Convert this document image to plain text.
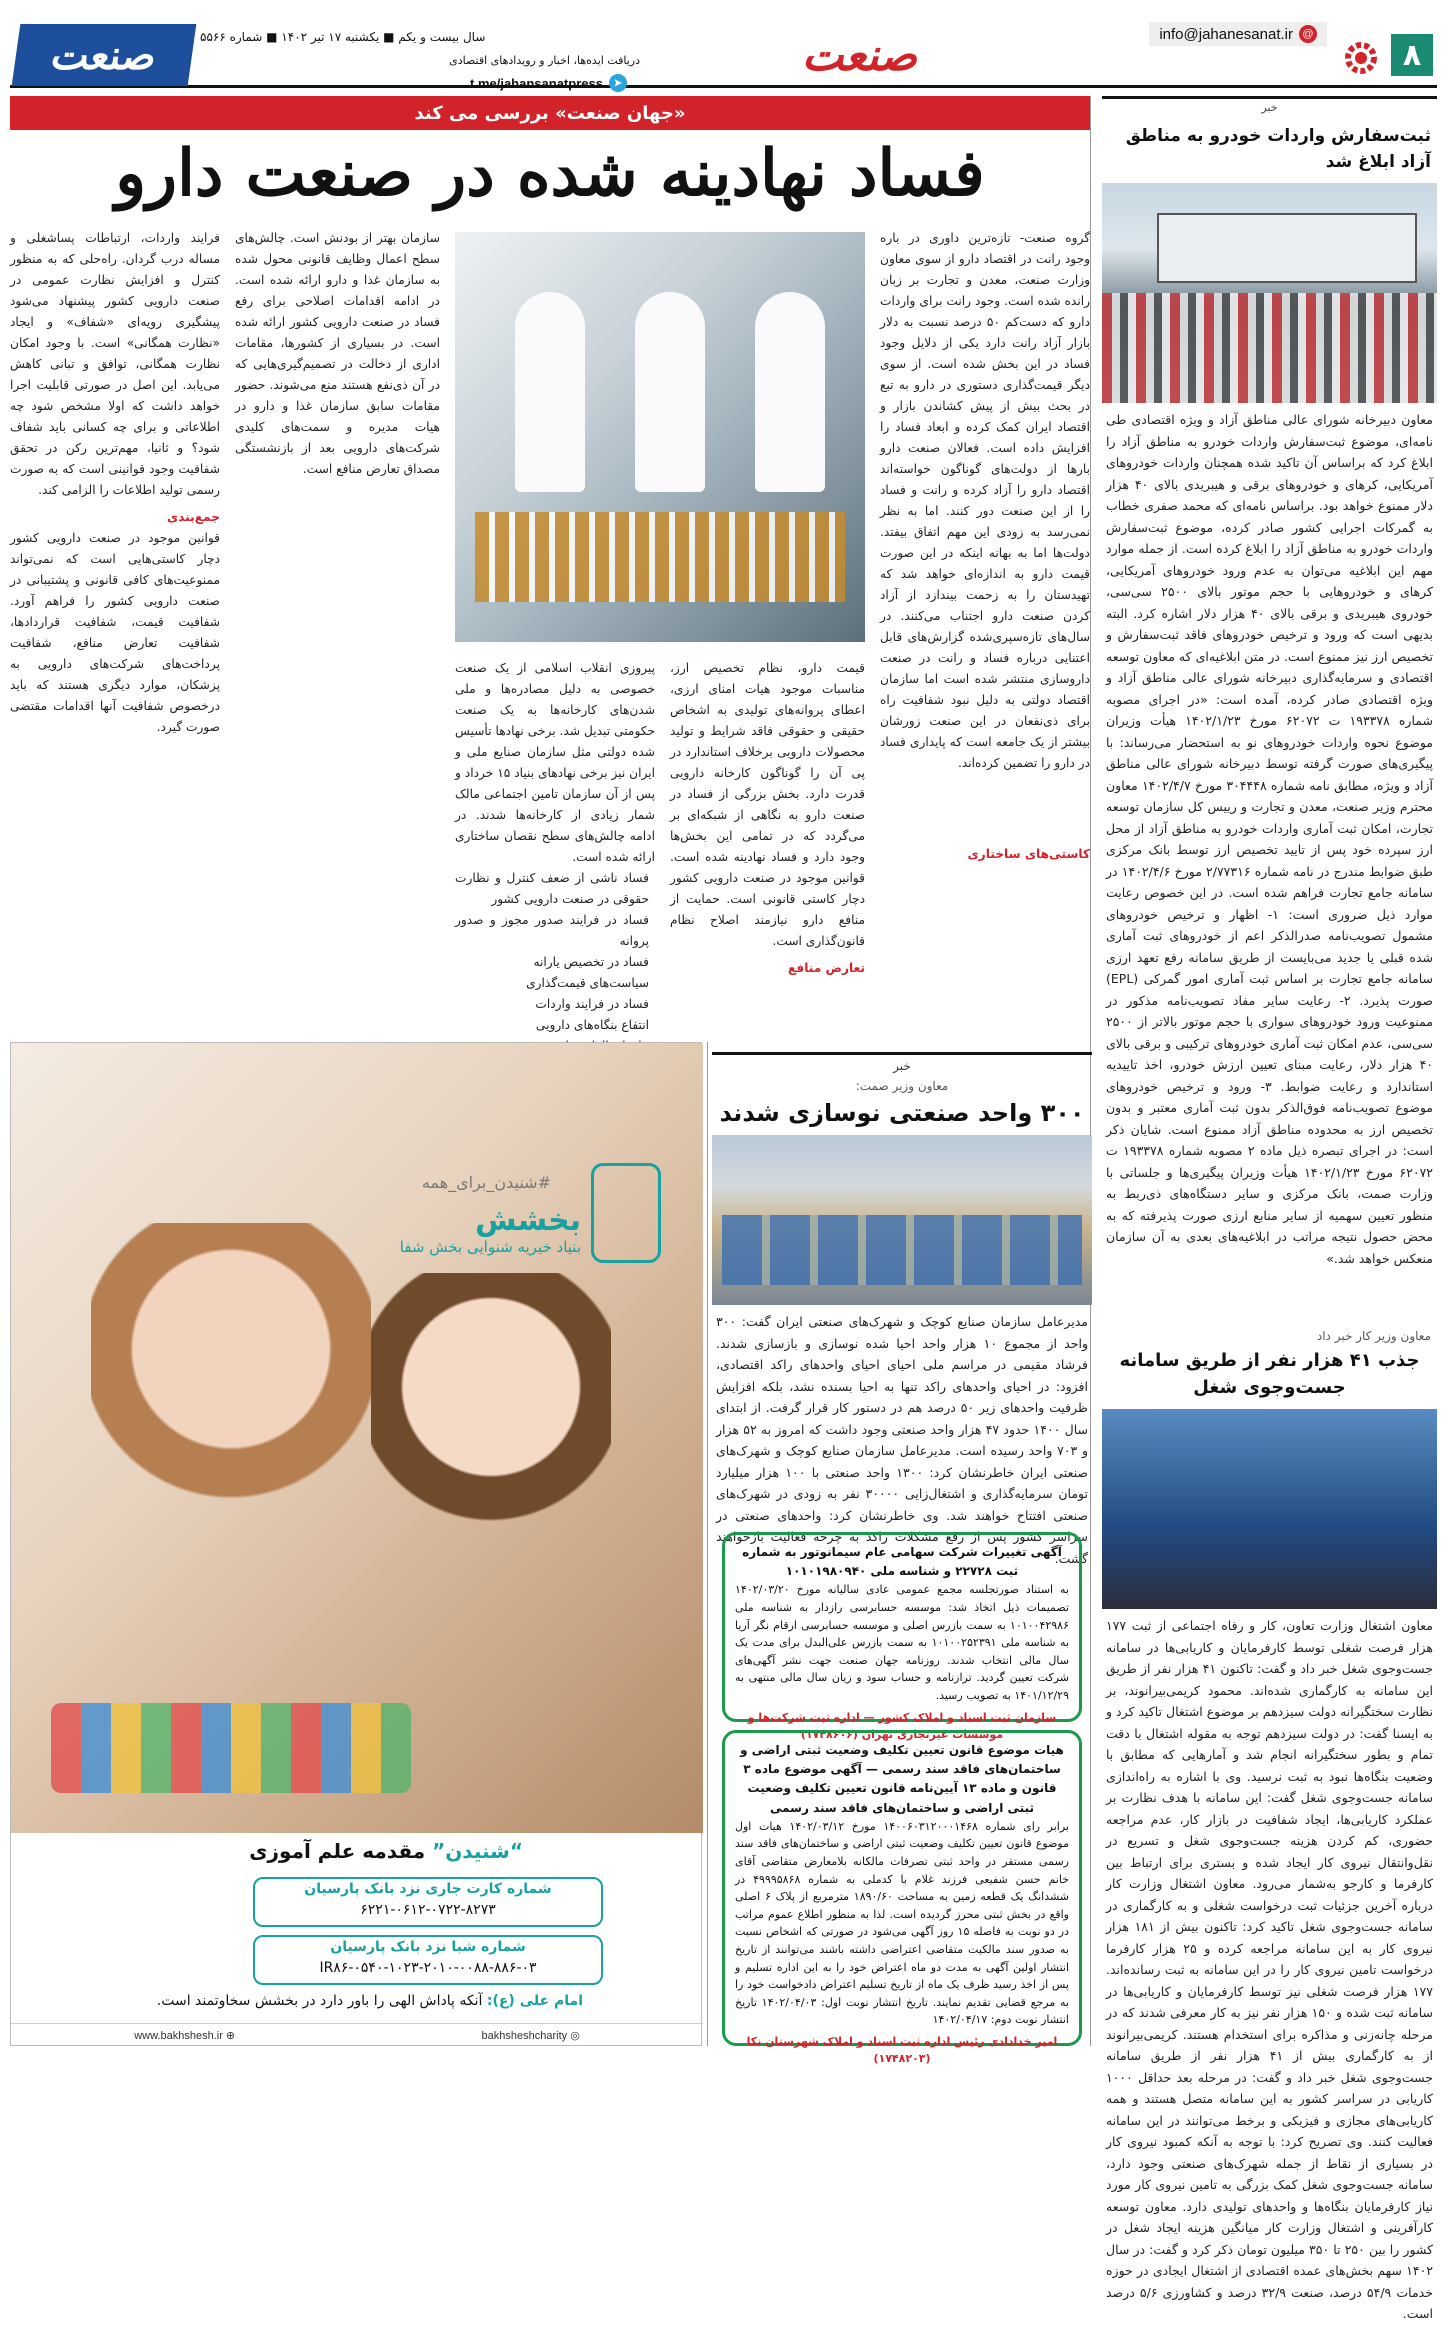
۸
@
info@jahanesanat.ir
صنعت
دریافت ایده‌ها، اخبار و رویدادهای اقتصادی
➤
t.me/jahansanatpress
سال بیست و یکم ■ یکشنبه ۱۷ تیر ۱۴۰۲ ■ شماره ۵۵۶۶
صنعت
خبر
ثبت‌سفارش واردات خودرو به مناطق آزاد ابلاغ شد

معاون دبیرخانه شورای عالی مناطق آزاد و ویژه اقتصادی طی نامه‌ای، موضوع ثبت‌سفارش واردات خودرو به مناطق آزاد را ابلاغ کرد که براساس آن تاکید شده همچنان واردات خودروهای آمریکایی، کرهای و خودروهای برقی و هیبریدی بالای ۴۰ هزار دلار ممنوع خواهد بود. براساس نامه‌ای که محمد صفری خطاب به گمرکات اجرایی کشور صادر کرده، موضوع ثبت‌سفارش واردات خودرو به مناطق آزاد را ابلاغ کرده است. از جمله موارد مهم این ابلاغیه می‌توان به عدم ورود خودروهای آمریکایی، کرهای و خودروهایی با حجم موتور بالای ۲۵۰۰ سی‌سی، خودروی هیبریدی و برقی بالای ۴۰ هزار دلار اشاره کرد. البته بدیهی است که ورود و ترخیص خودروهای فاقد ثبت‌سفارش و تخصیص ارز نیز ممنوع است. در متن ابلاغیه‌ای که معاون توسعه اقتصادی و سرمایه‌گذاری دبیرخانه شورای عالی مناطق آزاد و ویژه اقتصادی صادر کرده، آمده است: «در اجرای مصوبه شماره ۱۹۳۳۷۸ ت ۶۲۰۷۲ مورخ ۱۴۰۲/۱/۲۳ هیأت وزیران موضوع نحوه واردات خودروهای نو به استحضار می‌رساند: با پیگیری‌های صورت گرفته توسط دبیرخانه شورای عالی مناطق آزاد و ویژه، مطابق نامه شماره ۳۰۴۴۴۸ مورخ ۱۴۰۲/۴/۷ معاون محترم وزیر صنعت، معدن و تجارت و رییس کل سازمان توسعه تجارت، امکان ثبت آماری واردات خودرو به مناطق آزاد از محل ارز سپرده خود پس از تایید تخصیص ارز توسط بانک مرکزی طبق ضوابط مندرج در نامه شماره ۲/۷۷۳۱۶ مورخ ۱۴۰۲/۴/۶ در سامانه جامع تجارت فراهم شده است. در این خصوص رعایت موارد ذیل ضروری است: ۱- اظهار و ترخیص خودروهای مشمول تصویب‌نامه صدرالذکر اعم از خودروهای ثبت آماری شده قبلی یا جدید می‌بایست از طریق سامانه رفع تعهد ارزی سامانه جامع تجارت بر اساس ثبت آماری امور گمرکی (EPL) صورت پذیرد. ۲- رعایت سایر مفاد تصویب‌نامه مذکور در ممنوعیت ورود خودروهای سواری با حجم موتور بالاتر از ۲۵۰۰ سی‌سی، عدم امکان ثبت آماری خودروهای ترکیبی و برقی بالای ۴۰ هزار دلار، رعایت مبنای تعیین ارزش خودرو، اخذ تاییدیه استاندارد و رعایت ضوابط. ۳- ورود و ترخیص خودروهای موضوع تصویب‌نامه فوق‌الذکر بدون ثبت آماری معتبر و بدون تخصیص ارز به محدوده مناطق آزاد ممنوع است. شایان ذکر است: در اجرای تبصره ذیل ماده ۲ مصوبه شماره ۱۹۳۳۷۸ ت ۶۲۰۷۲ مورخ ۱۴۰۲/۱/۲۳ هیأت وزیران پیگیری‌ها و جلساتی با وزارت صمت، بانک مرکزی و سایر دستگاه‌های ذی‌ربط به منظور تعیین سهمیه از سایر منابع ارزی صورت پذیرفته که به محض حصول نتیجه مراتب در ابلاغیه‌های بعدی به آن سازمان منعکس خواهد شد.»

معاون وزیر کار خبر داد
جذب ۴۱ هزار نفر از طریق سامانه جست‌وجوی شغل

معاون اشتغال وزارت تعاون، کار و رفاه اجتماعی از ثبت ۱۷۷ هزار فرصت شغلی توسط کارفرمایان و کاریابی‌ها در سامانه جست‌وجوی شغل خبر داد و گفت: تاکنون ۴۱ هزار نفر از طریق این سامانه به کارگماری شده‌اند. محمود کریمی‌بیرانوند، بر نظارت سختگیرانه دولت سیزدهم بر موضوع اشتغال تاکید کرد و به ایسنا گفت: در دولت سیزدهم توجه به مقوله اشتغال با دقت تمام و بطور سختگیرانه انجام شد و آمارهایی که مطابق با وضعیت بنگاه‌ها نبود به ثبت نرسید. وی با اشاره به راه‌اندازی سامانه جست‌وجوی شغل گفت: این سامانه با هدف نظارت بر عملکرد کاریابی‌ها، ایجاد شفافیت در بازار کار، عدم مراجعه حضوری، کم کردن هزینه جست‌وجوی شغل و تسریع در نقل‌وانتقال نیروی کار ایجاد شده و بستری برای ارتباط بین کارفرما و کارجو به‌شمار می‌رود. معاون اشتغال وزارت کار درباره آخرین جزئیات ثبت درخواست شغلی و به کارگماری در سامانه جست‌وجوی شغل تاکید کرد: تاکنون بیش از ۱۸۱ هزار نیروی کار به این سامانه مراجعه کرده و ۲۵ هزار کارفرما درخواست تامین نیروی کار را در این سامانه به ثبت رسانده‌اند. ۱۷۷ هزار فرصت شغلی نیز توسط کارفرمایان و کاریابی‌ها در سامانه ثبت شده و ۱۵۰ هزار نفر نیز به کار معرفی شدند که در مرحله چانه‌زنی و مذاکره برای استخدام هستند. کریمی‌بیرانوند از به کارگماری بیش از ۴۱ هزار نفر از طریق سامانه جست‌وجوی شغل خبر داد و گفت: در مرحله بعد حداقل ۱۰۰۰ کاریابی در سراسر کشور به این سامانه متصل هستند و همه کاریابی‌های مجازی و فیزیکی و برخط می‌توانند در این سامانه فعالیت کنند. وی تصریح کرد: با توجه به آنکه کمبود نیروی کار در بسیاری از نقاط از جمله شهرک‌های صنعتی وجود دارد، سامانه جست‌وجوی شغل کمک بزرگی به تامین نیروی کار مورد نیاز کارفرمایان بنگاه‌ها و واحدهای تولیدی دارد. معاون توسعه کارآفرینی و اشتغال وزارت کار میانگین هزینه ایجاد شغل در کشور را بین ۲۵۰ تا ۳۵۰ میلیون تومان ذکر کرد و گفت: در سال ۱۴۰۲ سهم بخش‌های عمده اقتصادی از اشتغال ایجادی در حوزه خدمات ۵۴/۹ درصد، صنعت ۳۲/۹ درصد و کشاورزی ۵/۶ درصد است.

«جهان صنعت» بررسی می کند
فساد نهادینه شده در صنعت دارو
گروه صنعت- تازه‌ترین داوری در باره وجود رانت در اقتصاد دارو از سوی معاون وزارت صنعت، معدن و تجارت بر زبان رانده شده است. وجود رانت برای واردات دارو که دست‌کم ۵۰ درصد نسبت به دلار بازار آزاد رانت دارد یکی از دلایل وجود فساد در این بخش شده است. از سوی دیگر قیمت‌گذاری دستوری در دارو به تبع در بحث بیش از پیش کشاندن بازار و اقتصاد ایران کمک کرده و ابعاد فساد را افزایش داده است. فعالان صنعت دارو بارها از دولت‌های گوناگون خواسته‌اند اقتصاد دارو را آزاد کرده و رانت و فساد را از این صنعت دور کنند. اما به نظر نمی‌رسد به زودی این مهم اتفاق بیفتد. دولت‌ها اما به بهانه اینکه در این صورت قیمت دارو به اندازه‌ای خواهد شد که تهیدستان را به زحمت بیندازد از آزاد کردن صنعت دارو اجتناب می‌کنند. در سال‌های تازه‌سپری‌شده گزارش‌های قابل اعتنایی درباره فساد و رانت در صنعت داروسازی منتشر شده است اما سازمان اقتصاد دولتی به دلیل نبود شفافیت راه برای ذی‌نفعان در این صنعت زورشان بیشتر از یک جامعه است که پایداری فساد در دارو را تضمین کرده‌اند.
کاستی‌های ساختاری
قیمت دارو، نظام تخصیص ارز، مناسبات موجود هیات امنای ارزی، اعطای پروانه‌های تولیدی به اشخاص حقیقی و حقوقی فاقد شرایط و تولید محصولات دارویی برخلاف استاندارد در پی آن را گوناگون کارخانه دارویی قدرت دارد. بخش بزرگی از فساد در صنعت دارو به نگاهی از شبکه‌ای بر می‌گردد که در تمامی این بخش‌ها وجود دارد و فساد نهادینه شده است. قوانین موجود در صنعت دارویی کشور دچار کاستی قانونی است. حمایت از منافع دارو نیازمند اصلاح نظام قانون‌گذاری است.
تعارض منافع
پیروزی انقلاب اسلامی از یک صنعت خصوصی به دلیل مصادره‌ها و ملی شدن‌های کارخانه‌ها به یک صنعت حکومتی تبدیل شد. برخی نهادها تأسیس شده دولتی مثل سازمان صنایع ملی و ایران نیز برخی نهادهای بنیاد ۱۵ خرداد و پس از آن سازمان تامین اجتماعی مالک شمار زیادی از کارخانه‌ها شدند. در ادامه چالش‌های سطح نقصان ساختاری ارائه شده است.
فساد ناشی از ضعف کنترل و نظارت حقوقی در صنعت دارویی کشور
فساد در فرایند صدور مجوز و صدور پروانه
فساد در تخصیص یارانه
سیاست‌های قیمت‌گذاری
فساد در فرایند واردات
انتفاع بنگاه‌های دارویی
سازمان بهتر از بودنش است. چالش‌های سطح اعمال وظایف قانونی محول شده به سازمان غذا و دارو ارائه شده است. در ادامه اقدامات اصلاحی برای رفع فساد در صنعت دارویی کشور ارائه شده است. در بسیاری از کشورها، مقامات اداری از دخالت در تصمیم‌گیری‌هایی که در آن ذی‌نفع هستند منع می‌شوند. حضور مقامات سابق سازمان غذا و دارو در هیات مدیره و سمت‌های کلیدی شرکت‌های دارویی بعد از بازنشستگی مصداق تعارض منافع است.
فرایند واردات، ارتباطات پساشغلی و مساله درب گردان. راه‌حلی که به منظور کنترل و افزایش نظارت عمومی در صنعت دارویی کشور پیشنهاد می‌شود پیشگیری رویه‌ای «شفاف» و ایجاد «نظارت همگانی» است. با وجود امکان نظارت همگانی، توافق و تبانی کاهش می‌یابد. این اصل در صورتی قابلیت اجرا خواهد داشت که اولا مشخص شود چه اطلاعاتی و برای چه کسانی باید شفاف شود؟ و ثانیا، مهم‌ترین رکن در تحقق شفافیت وجود قوانینی است که به صورت رسمی تولید اطلاعات را الزامی کند.
جمع‌بندی
قوانین موجود در صنعت دارویی کشور دچار کاستی‌هایی است که نمی‌تواند ممنوعیت‌های کافی قانونی و پشتیبانی در صنعت دارویی کشور را فراهم آورد. شفافیت قیمت، شفافیت قراردادها، شفافیت تعارض منافع، شفافیت پرداخت‌های شرکت‌های دارویی به پزشکان، موارد دیگری هستند که باید درخصوص شفافیت آنها اقدامات مقتضی صورت گیرد.
خبر
معاون وزیر صمت:
۳۰۰ واحد صنعتی نوسازی شدند

مدیرعامل سازمان صنایع کوچک و شهرک‌های صنعتی ایران گفت: ۳۰۰ واحد از مجموع ۱۰ هزار واحد احیا شده نوسازی و بازسازی شدند. فرشاد مقیمی در مراسم ملی احیای احیای واحدهای راکد اقتصادی، افزود: در احیای واحدهای راکد تنها به احیا بسنده نشد، بلکه افزایش ظرفیت واحدهای زیر ۵۰ درصد هم در دستور کار قرار گرفت. از ابتدای سال ۱۴۰۰ حدود ۴۷ هزار واحد صنعتی وجود داشت که امروز به ۵۲ هزار و ۷۰۳ واحد رسیده است. مدیرعامل سازمان صنایع کوچک و شهرک‌های صنعتی ایران خاطرنشان کرد: ۱۳۰۰ واحد صنعتی با ۱۰۰ هزار میلیارد تومان سرمایه‌گذاری و اشتغال‌زایی ۳۰۰۰۰ نفر به زودی در شهرک‌های صنعتی افتتاح خواهند شد. وی خاطرنشان کرد: واحدهای صنعتی در سراسر کشور پس از رفع مشکلات راکد به چرخه فعالیت بازخواهند گشت.

آگهی تغییرات شرکت سهامی عام سیمانوتور به شماره ثبت ۲۲۷۲۸ و شناسه ملی ۱۰۱۰۱۹۸۰۹۴۰
به استناد صورتجلسه مجمع عمومی عادی سالیانه مورخ ۱۴۰۲/۰۳/۲۰ تصمیمات ذیل اتخاذ شد: موسسه حسابرسی رازدار به شناسه ملی ۱۰۱۰۰۴۲۹۸۶ به سمت بازرس اصلی و موسسه حسابرسی ارقام نگر آریا به شناسه ملی ۱۰۱۰۰۲۵۲۳۹۱ به سمت بازرس علی‌البدل برای مدت یک سال مالی انتخاب شدند. روزنامه جهان صنعت جهت نشر آگهی‌های شرکت تعیین گردید. ترازنامه و حساب سود و زیان سال مالی منتهی به ۱۴۰۱/۱۲/۲۹ به تصویب رسید.
سازمان ثبت اسناد و املاک کشور — اداره ثبت شرکت‌ها و موسسات غیرتجاری تهران (۱۷۴۸۶۰۶)
هیات موضوع قانون تعیین تکلیف وضعیت ثبتی اراضی و ساختمان‌های فاقد سند رسمی — آگهی موضوع ماده ۳ قانون و ماده ۱۳ آیین‌نامه قانون تعیین تکلیف وضعیت ثبتی اراضی و ساختمان‌های فاقد سند رسمی
برابر رای شماره ۱۴۰۰۶۰۳۱۲۰۰۰۱۴۶۸ مورخ ۱۴۰۲/۰۳/۱۲ هیات اول موضوع قانون تعیین تکلیف وضعیت ثبتی اراضی و ساختمان‌های فاقد سند رسمی مستقر در واحد ثبتی تصرفات مالکانه بلامعارض متقاضی آقای خانم حسن شفیعی فرزند غلام با کدملی به شماره ۴۹۹۹۵۸۶۸ در ششدانگ یک قطعه زمین به مساحت ۱۸۹۰/۶۰ مترمربع از پلاک ۶ اصلی واقع در بخش ثبتی محرز گردیده است. لذا به منظور اطلاع عموم مراتب در دو نوبت به فاصله ۱۵ روز آگهی می‌شود در صورتی که اشخاص نسبت به صدور سند مالکیت متقاضی اعتراضی داشته باشند می‌توانند از تاریخ انتشار اولین آگهی به مدت دو ماه اعتراض خود را به این اداره تسلیم و پس از اخذ رسید ظرف یک ماه از تاریخ تسلیم اعتراض دادخواست خود را به مرجع قضایی تقدیم نمایند. تاریخ انتشار نوبت اول: ۱۴۰۲/۰۴/۰۳ تاریخ انتشار نوبت دوم: ۱۴۰۲/۰۴/۱۷
امیر خدادادی رئیس اداره ثبت اسناد و املاک شهرستان نکا (۱۷۴۸۲۰۳)
#شنیدن_برای_همه
بخشش
بنیاد خیریه شنوایی بخش شفا
“شنیدن” مقدمه علم آموزی
شماره کارت جاری نزد بانک پارسیان
۶۲۲۱-۰۶۱۲-۰۷۲۲-۸۲۷۳
شماره شبا نزد بانک پارسیان
IR۸۶-۰۵۴۰-۱۰۲۳-۲۰۱۰-۰۰۸۸-۸۸۶-۰۳
امام علی (ع): آنکه پاداش الهی را باور دارد در بخشش سخاوتمند است.
◎ bakhsheshcharity
⊕ www.bakhshesh.ir
